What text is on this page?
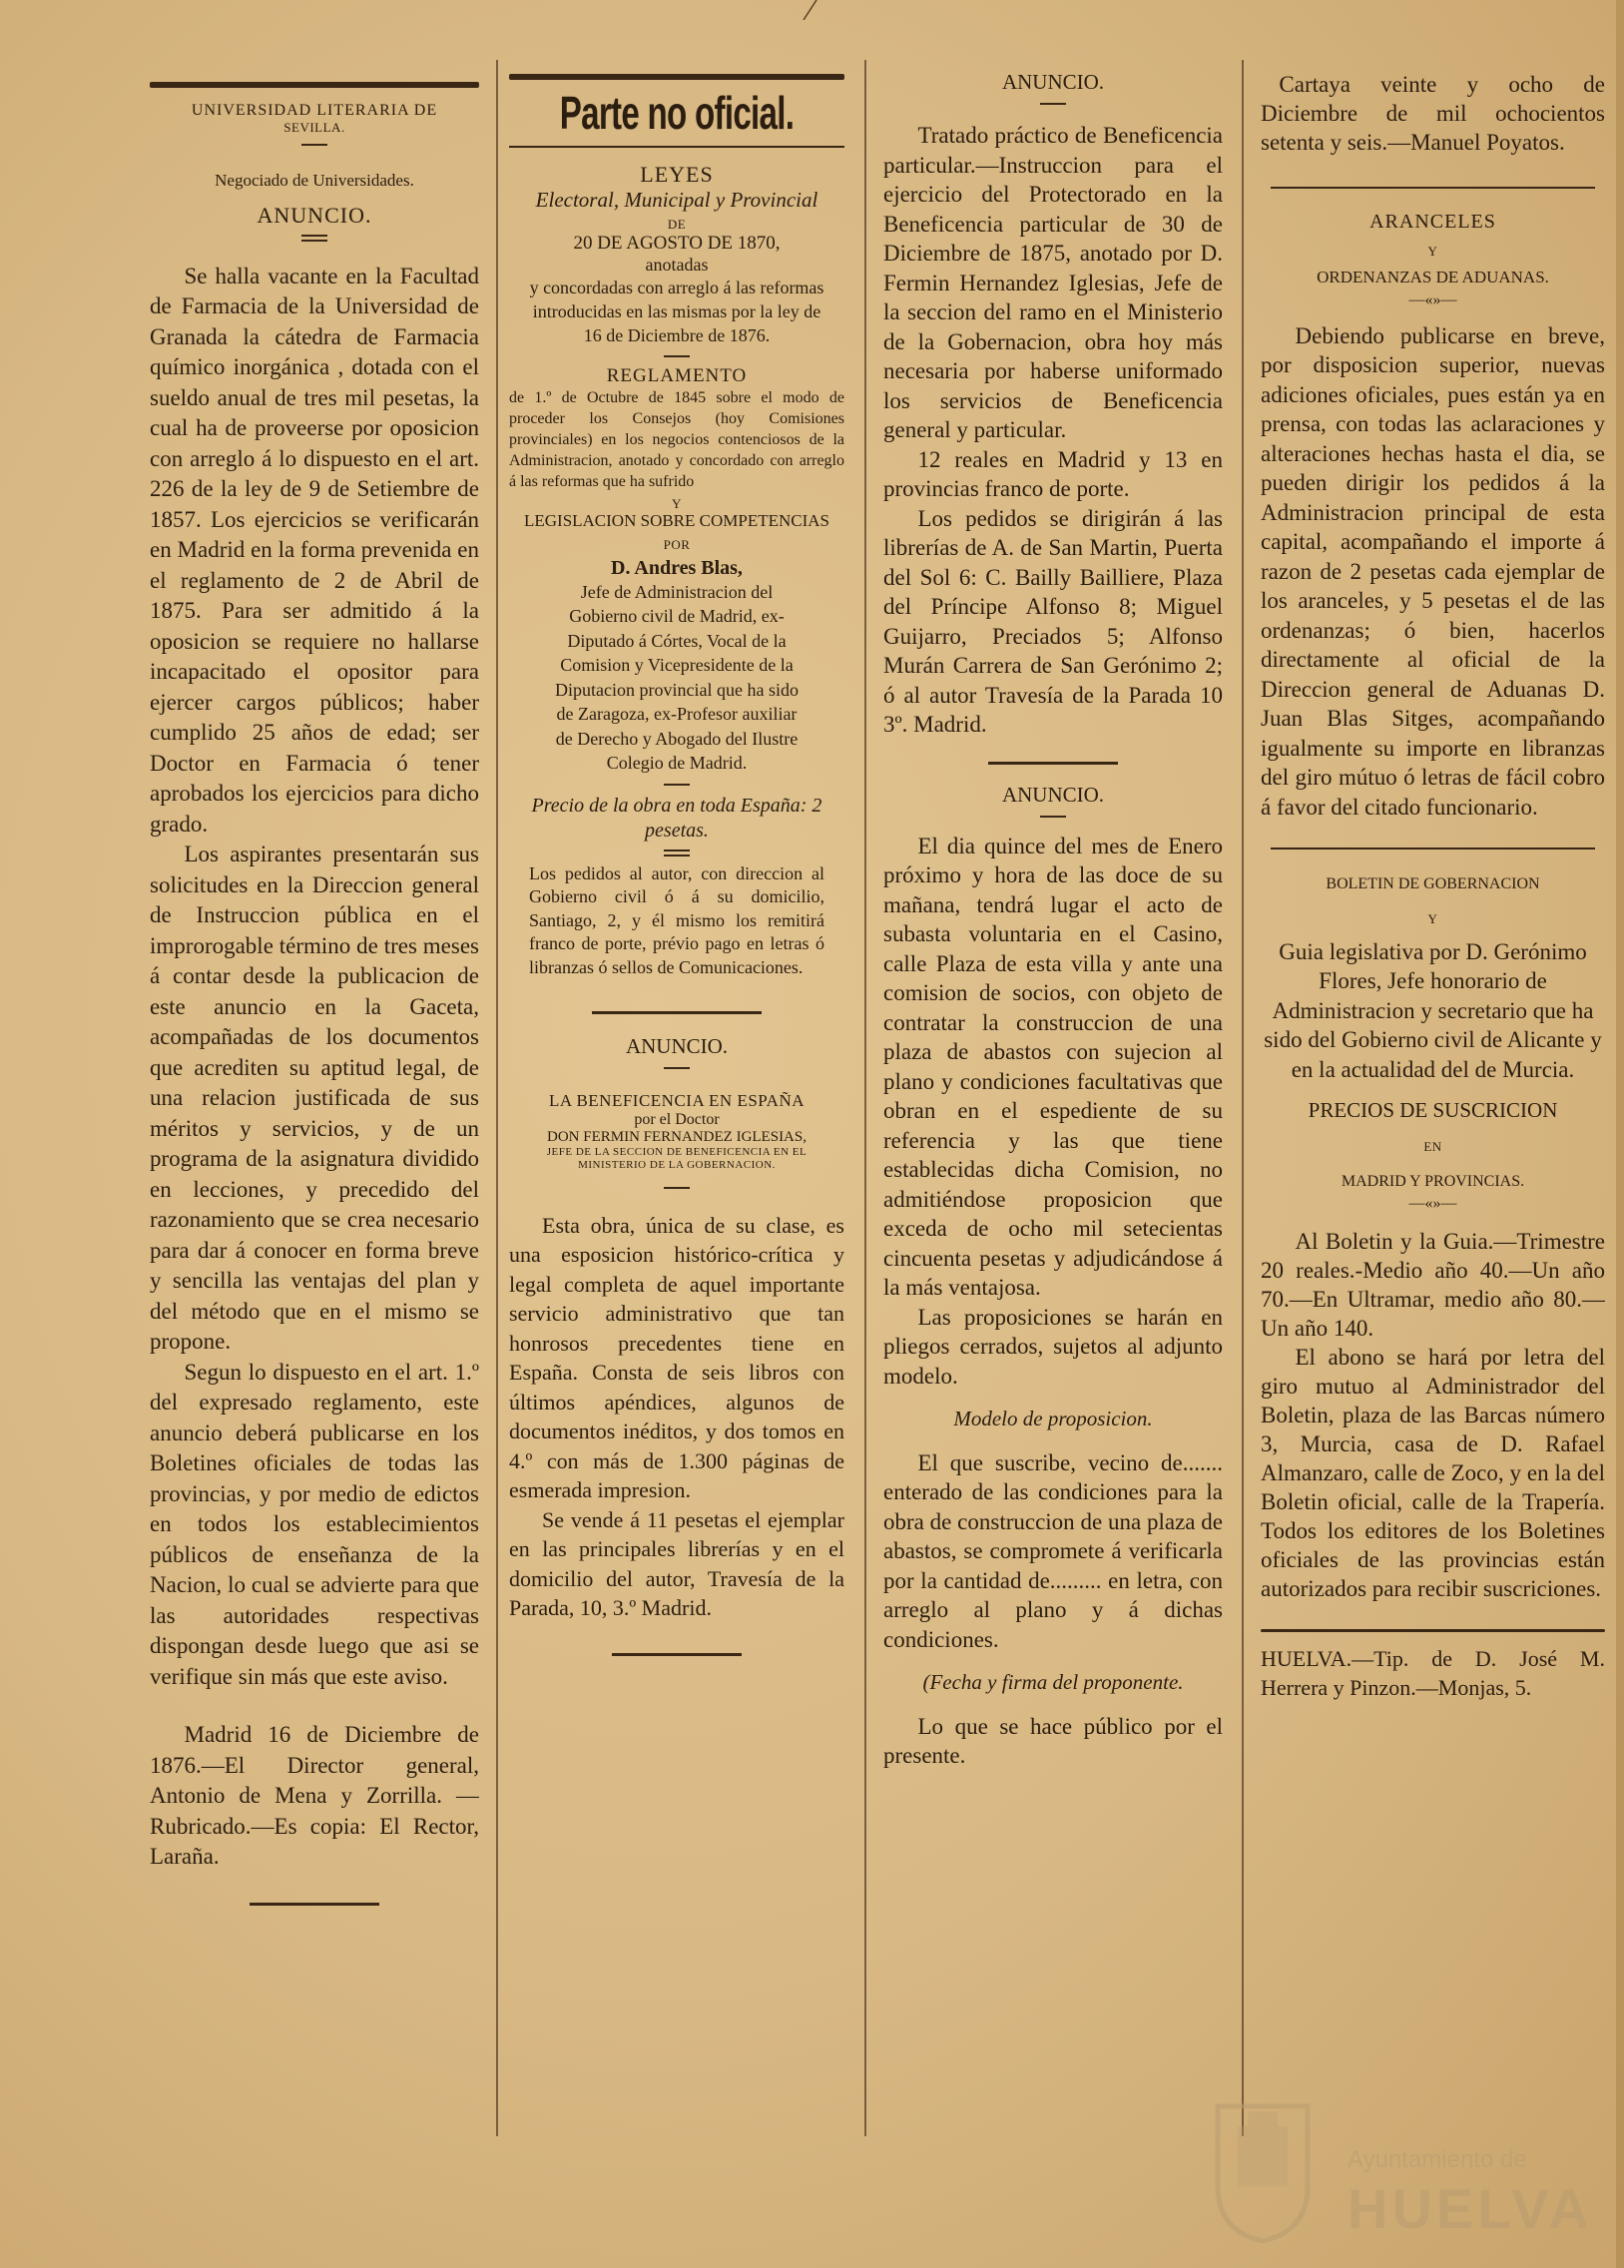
UNIVERSIDAD LITERARIA DE
SEVILLA.
Negociado de Universidades.
ANUNCIO.

Se halla vacante en la Facultad de Farmacia de la Universidad de Granada la cátedra de Farmacia químico inorgánica , dotada con el sueldo anual de tres mil pesetas, la cual ha de proveerse por oposicion con arreglo á lo dispuesto en el art. 226 de la ley de 9 de Setiembre de 1857. Los ejercicios se verificarán en Madrid en la forma prevenida en el reglamento de 2 de Abril de 1875. Para ser admitido á la oposicion se requiere no hallarse incapacitado el opositor para ejercer cargos públicos; haber cumplido 25 años de edad; ser Doctor en Farmacia ó tener aprobados los ejercicios para dicho grado.

Los aspirantes presentarán sus solicitudes en la Direccion general de Instruccion pública en el improrogable término de tres meses á contar desde la publicacion de este anuncio en la Gaceta, acompañadas de los documentos que acrediten su aptitud legal, de una relacion justificada de sus méritos y servicios, y de un programa de la asignatura dividido en lecciones, y precedido del razonamiento que se crea necesario para dar á conocer en forma breve y sencilla las ventajas del plan y del método que en el mismo se propone.

Segun lo dispuesto en el art. 1.º del expresado reglamento, este anuncio deberá publicarse en los Boletines oficiales de todas las provincias, y por medio de edictos en todos los establecimientos públicos de enseñanza de la Nacion, lo cual se advierte para que las autoridades respectivas dispongan desde luego que asi se verifique sin más que este aviso.

Madrid 16 de Diciembre de 1876.—El Director general, Antonio de Mena y Zorrilla. —Rubricado.—Es copia: El Rector, Laraña.

Parte no oficial.
LEYES
Electoral, Municipal y Provincial
DE
20 DE AGOSTO DE 1870,
anotadas
y concordadas con arreglo á las reformas introducidas en las mismas por la ley de 16 de Diciembre de 1876.
REGLAMENTO
de 1.º de Octubre de 1845 sobre el modo de proceder los Consejos (hoy Comisiones provinciales) en los negocios contenciosos de la Administracion, anotado y concordado con arreglo á las reformas que ha sufrido
Y
LEGISLACION SOBRE COMPETENCIAS
POR
D. Andres Blas,
Jefe de Administracion del Gobierno civil de Madrid, ex-Diputado á Córtes, Vocal de la Comision y Vicepresidente de la Diputacion provincial que ha sido de Zaragoza, ex-Profesor auxiliar de Derecho y Abogado del Ilustre Colegio de Madrid.
Precio de la obra en toda España: 2 pesetas.
Los pedidos al autor, con direccion al Gobierno civil ó á su domicilio, Santiago, 2, y él mismo los remitirá franco de porte, prévio pago en letras ó libranzas ó sellos de Comunicaciones.
ANUNCIO.
LA BENEFICENCIA EN ESPAÑA
por el Doctor
DON FERMIN FERNANDEZ IGLESIAS,
JEFE DE LA SECCION DE BENEFICENCIA EN EL MINISTERIO DE LA GOBERNACION.

Esta obra, única de su clase, es una esposicion histórico-crítica y legal completa de aquel importante servicio administrativo que tan honrosos precedentes tiene en España. Consta de seis libros con últimos apéndices, algunos de documentos inéditos, y dos tomos en 4.º con más de 1.300 páginas de esmerada impresion.

Se vende á 11 pesetas el ejemplar en las principales librerías y en el domicilio del autor, Travesía de la Parada, 10, 3.º Madrid.

ANUNCIO.

Tratado práctico de Beneficencia particular.—Instruccion para el ejercicio del Protectorado en la Beneficencia particular de 30 de Diciembre de 1875, anotado por D. Fermin Hernandez Iglesias, Jefe de la seccion del ramo en el Ministerio de la Gobernacion, obra hoy más necesaria por haberse uniformado los servicios de Beneficencia general y particular.

12 reales en Madrid y 13 en provincias franco de porte.

Los pedidos se dirigirán á las librerías de A. de San Martin, Puerta del Sol 6: C. Bailly Bailliere, Plaza del Príncipe Alfonso 8; Miguel Guijarro, Preciados 5; Alfonso Murán Carrera de San Gerónimo 2; ó al autor Travesía de la Parada 10 3º. Madrid.

ANUNCIO.

El dia quince del mes de Enero próximo y hora de las doce de su mañana, tendrá lugar el acto de subasta voluntaria en el Casino, calle Plaza de esta villa y ante una comision de socios, con objeto de contratar la construccion de una plaza de abastos con sujecion al plano y condiciones facultativas que obran en el espediente de su referencia y las que tiene establecidas dicha Comision, no admitiéndose proposicion que exceda de ocho mil setecientas cincuenta pesetas y adjudicándose á la más ventajosa.

Las proposiciones se harán en pliegos cerrados, sujetos al adjunto modelo.

Modelo de proposicion.

El que suscribe, vecino de....... enterado de las condiciones para la obra de construccion de una plaza de abastos, se compromete á verificarla por la cantidad de......... en letra, con arreglo al plano y á dichas condiciones.

(Fecha y firma del proponente.

Lo que se hace público por el presente.

Cartaya veinte y ocho de Diciembre de mil ochocientos setenta y seis.—Manuel Poyatos.

ARANCELES
Y
ORDENANZAS DE ADUANAS.
—«»—

Debiendo publicarse en breve, por disposicion superior, nuevas adiciones oficiales, pues están ya en prensa, con todas las aclaraciones y alteraciones hechas hasta el dia, se pueden dirigir los pedidos á la Administracion principal de esta capital, acompañando el importe á razon de 2 pesetas cada ejemplar de los aranceles, y 5 pesetas el de las ordenanzas; ó bien, hacerlos directamente al oficial de la Direccion general de Aduanas D. Juan Blas Sitges, acompañando igualmente su importe en libranzas del giro mútuo ó letras de fácil cobro á favor del citado funcionario.

BOLETIN DE GOBERNACION
Y

Guia legislativa por D. Gerónimo Flores, Jefe honorario de Administracion y secretario que ha sido del Gobierno civil de Alicante y en la actualidad del de Murcia.

PRECIOS DE SUSCRICION
EN
MADRID Y PROVINCIAS.
—«»—

Al Boletin y la Guia.—Trimestre 20 reales.-Medio año 40.—Un año 70.—En Ultramar, medio año 80.—Un año 140.

El abono se hará por letra del giro mutuo al Administrador del Boletin, plaza de las Barcas número 3, Murcia, casa de D. Rafael Almanzaro, calle de Zoco, y en la del Boletin oficial, calle de la Trapería. Todos los editores de los Boletines oficiales de las provincias están autorizados para recibir suscriciones.

HUELVA.—Tip. de D. José M. Herrera y Pinzon.—Monjas, 5.

Ayuntamiento de
HUELVA
